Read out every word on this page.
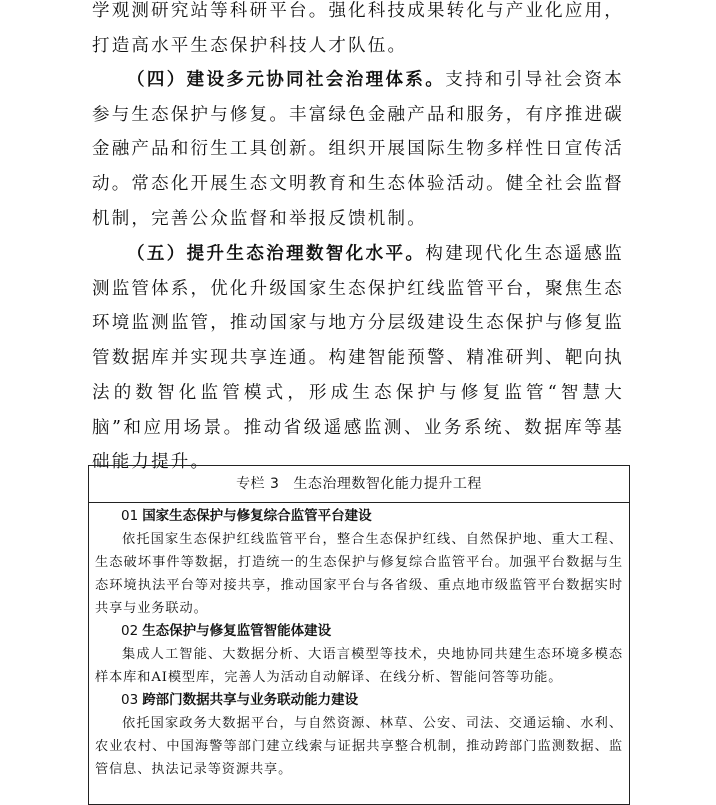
学观测研究站等科研平台。强化科技成果转化与产业化应用，打造高水平生态保护科技人才队伍。

（四）建设多元协同社会治理体系。支持和引导社会资本参与生态保护与修复。丰富绿色金融产品和服务，有序推进碳金融产品和衍生工具创新。组织开展国际生物多样性日宣传活动。常态化开展生态文明教育和生态体验活动。健全社会监督机制，完善公众监督和举报反馈机制。

（五）提升生态治理数智化水平。构建现代化生态遥感监测监管体系，优化升级国家生态保护红线监管平台，聚焦生态环境监测监管，推动国家与地方分层级建设生态保护与修复监管数据库并实现共享连通。构建智能预警、精准研判、靶向执法的数智化监管模式，形成生态保护与修复监管“智慧大脑”和应用场景。推动省级遥感监测、业务系统、数据库等基础能力提升。

专栏 3 生态治理数智化能力提升工程

01 国家生态保护与修复综合监管平台建设

依托国家生态保护红线监管平台，整合生态保护红线、自然保护地、重大工程、生态破坏事件等数据，打造统一的生态保护与修复综合监管平台。加强平台数据与生态环境执法平台等对接共享，推动国家平台与各省级、重点地市级监管平台数据实时共享与业务联动。

02 生态保护与修复监管智能体建设

集成人工智能、大数据分析、大语言模型等技术，央地协同共建生态环境多模态样本库和AI模型库，完善人为活动自动解译、在线分析、智能问答等功能。

03 跨部门数据共享与业务联动能力建设

依托国家政务大数据平台，与自然资源、林草、公安、司法、交通运输、水利、农业农村、中国海警等部门建立线索与证据共享整合机制，推动跨部门监测数据、监管信息、执法记录等资源共享。
